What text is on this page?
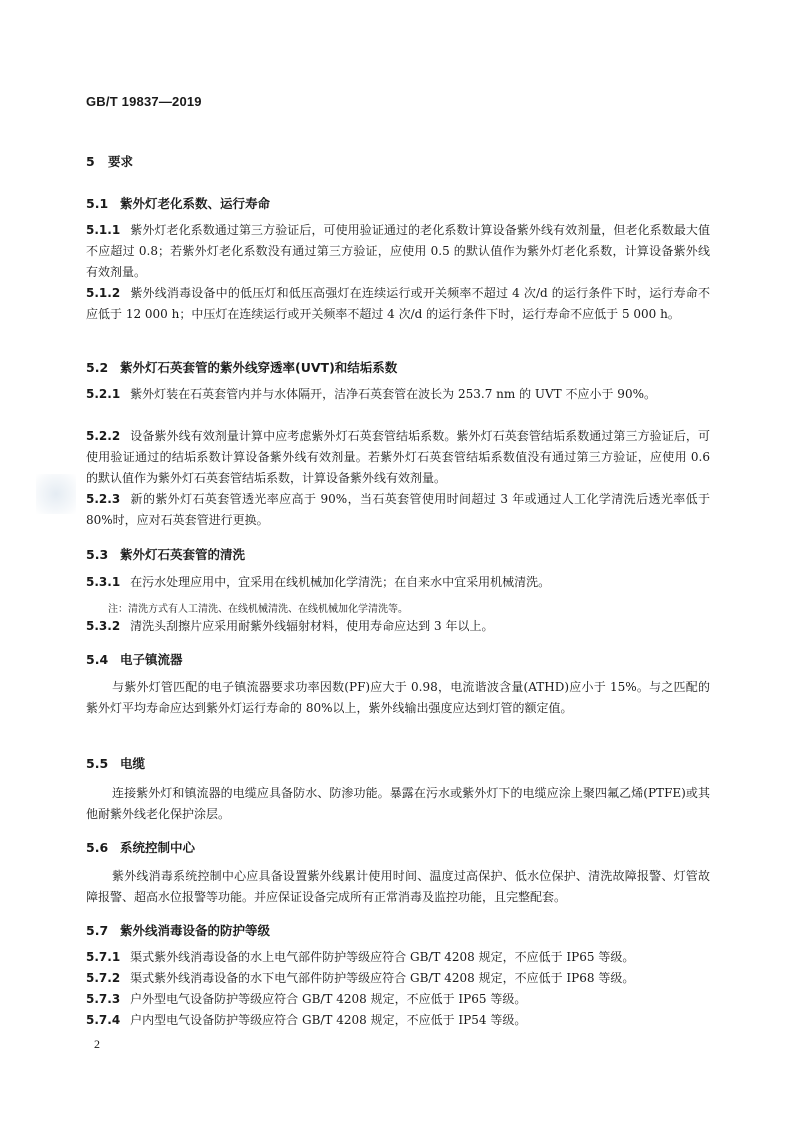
GB/T 19837—2019
5 要求
5.1 紫外灯老化系数、运行寿命

5.1.1 紫外灯老化系数通过第三方验证后，可使用验证通过的老化系数计算设备紫外线有效剂量，但老化系数最大值不应超过 0.8；若紫外灯老化系数没有通过第三方验证，应使用 0.5 的默认值作为紫外灯老化系数，计算设备紫外线有效剂量。

5.1.2 紫外线消毒设备中的低压灯和低压高强灯在连续运行或开关频率不超过 4 次/d 的运行条件下时，运行寿命不应低于 12 000 h；中压灯在连续运行或开关频率不超过 4 次/d 的运行条件下时，运行寿命不应低于 5 000 h。

5.2 紫外灯石英套管的紫外线穿透率(UVT)和结垢系数

5.2.1 紫外灯装在石英套管内并与水体隔开，洁净石英套管在波长为 253.7 nm 的 UVT 不应小于 90%。

5.2.2 设备紫外线有效剂量计算中应考虑紫外灯石英套管结垢系数。紫外灯石英套管结垢系数通过第三方验证后，可使用验证通过的结垢系数计算设备紫外线有效剂量。若紫外灯石英套管结垢系数值没有通过第三方验证，应使用 0.6 的默认值作为紫外灯石英套管结垢系数，计算设备紫外线有效剂量。

5.2.3 新的紫外灯石英套管透光率应高于 90%，当石英套管使用时间超过 3 年或通过人工化学清洗后透光率低于 80%时，应对石英套管进行更换。

5.3 紫外灯石英套管的清洗

5.3.1 在污水处理应用中，宜采用在线机械加化学清洗；在自来水中宜采用机械清洗。

注：清洗方式有人工清洗、在线机械清洗、在线机械加化学清洗等。

5.3.2 清洗头刮擦片应采用耐紫外线辐射材料，使用寿命应达到 3 年以上。

5.4 电子镇流器

与紫外灯管匹配的电子镇流器要求功率因数(PF)应大于 0.98，电流谐波含量(ATHD)应小于 15%。与之匹配的紫外灯平均寿命应达到紫外灯运行寿命的 80%以上，紫外线输出强度应达到灯管的额定值。

5.5 电缆

连接紫外灯和镇流器的电缆应具备防水、防渗功能。暴露在污水或紫外灯下的电缆应涂上聚四氟乙烯(PTFE)或其他耐紫外线老化保护涂层。

5.6 系统控制中心

紫外线消毒系统控制中心应具备设置紫外线累计使用时间、温度过高保护、低水位保护、清洗故障报警、灯管故障报警、超高水位报警等功能。并应保证设备完成所有正常消毒及监控功能，且完整配套。

5.7 紫外线消毒设备的防护等级

5.7.1 渠式紫外线消毒设备的水上电气部件防护等级应符合 GB/T 4208 规定，不应低于 IP65 等级。

5.7.2 渠式紫外线消毒设备的水下电气部件防护等级应符合 GB/T 4208 规定，不应低于 IP68 等级。

5.7.3 户外型电气设备防护等级应符合 GB/T 4208 规定，不应低于 IP65 等级。

5.7.4 户内型电气设备防护等级应符合 GB/T 4208 规定，不应低于 IP54 等级。

2
